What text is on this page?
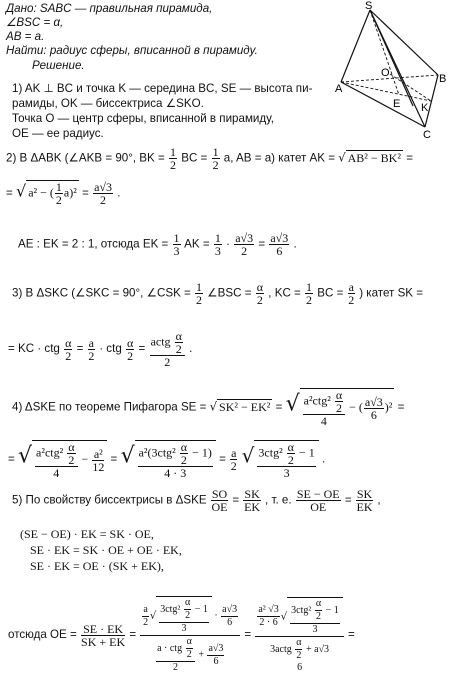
Дано: SABC — правильная пирамида,
∠BSC = α,
AB = a.
Найти: радиус сферы, вписанной в пирамиду.
Решение.
S
A
B
C
O
E K
1) AK ⊥ BC и точка K — середина BC, SE — высота пи-
рамиды, OK — биссектриса ∠SKO.
Точка O — центр сферы, вписанной в пирамиду,
OE — ее радиус.
2) В ΔABK (∠AKB = 90°, BK = $\frac{1}{2}$ BC = $\frac{1}{2} a$, AB = a) катет AK = √ AB² − BK² =
= √ a² − ( $\frac{1}{2} a)^2 = \frac{a√3}{2}$ .
AE : EK = 2 : 1, отсюда EK = $\frac{1}{3}$ AK = $\frac{1}{3} \cdot \frac{a√3}{2} = \frac{a√3}{6}$ .
3) В ΔSKC (∠SKC = 90°, ∠CSK = $\frac{1}{2}$ ∠BSC = $\frac{\alpha}{2}$ , KC = $\frac{1}{2}$ BC = $\frac{a}{2}$ ) катет SK =
= KC · ctg $\frac{\alpha}{2} = \frac{a}{2}$ · ctg $\frac{\alpha}{2} = \frac{actg \frac{\alpha}{2}}{2}$ .
4) ΔSKE по теореме Пифагора SE = √ SK² − EK² = √ $\frac{a^2ctg^2 \frac{\alpha}{2}}{4}$ − ( $\frac{a√3}{6} )^2$ =
= √ $\frac{a^2ctg^2 \frac{\alpha}{2}}{4} - \frac{\text{a²}}{12}$ = √ $\frac{a^2(3ctg^2 \frac{\alpha}{2} - 1)}{4 \cdot 3} = \frac{a}{2}$ √ $\frac{3ctg^2 \frac{\alpha}{2} - 1}{3}$ .
5) По свойству биссектрисы в ΔSKE $\frac{SO}{OE} = \frac{SK}{EK}$ , т. е. $\frac{SE - OE}{OE} = \frac{SK}{EK}$ ,
(SE − OE) · EK = SK · OE,
SE · EK = SK · OE + OE · EK,
SE · EK = OE · (SK + EK),
отсюда OE = $\frac{SE \cdot EK}{SK + EK} = \frac{\frac{a}{2} √ \frac{3ctg^2 \frac{\alpha}{2} - 1}{3} \cdot \frac{a√3}{6}}{\frac{a \cdot ctg \frac{\alpha}{2}}{2} + \frac{a√3}{6}}$ =
$\frac{\text{a² √3}}{2 \cdot 6}$ √ $\frac{3ctg^2 \frac{\alpha}{2} - 1}{3}$
3actg $\frac{\alpha}{2} + a√3$
6
=
